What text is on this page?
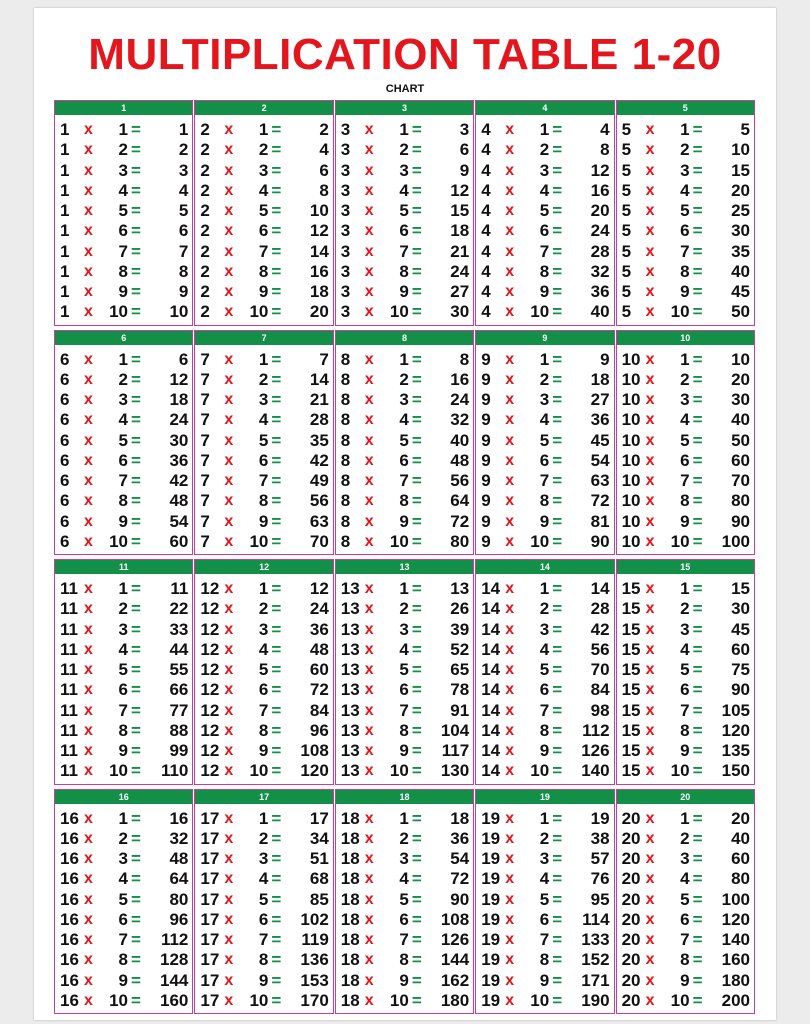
MULTIPLICATION TABLE 1-20
CHART
1
1 x	1 =	1
1 x	2 =	2
1 x	3 =	3
1 x	4 =	4
1 x	5 =	5
1 x	6 =	6
1 x	7 =	7
1 x	8 =	8
1 x	9 =	9
1 x 10 =	10
2
2 x	1 =	2
2 x	2 =	4
2 x	3 =	6
2 x	4 =	8
2 x	5 =	10
2 x	6 =	12
2 x	7 =	14
2 x	8 =	16
2 x	9 =	18
2 x 10 =	20
3
3 x	1 =	3
3 x	2 =	6
3 x	3 =	9
3 x	4 =	12
3 x	5 =	15
3 x	6 =	18
3 x	7 =	21
3 x	8 =	24
3 x	9 =	27
3 x 10 =	30
4
4 x	1 =	4
4 x	2 =	8
4 x	3 =	12
4 x	4 =	16
4 x	5 =	20
4 x	6 =	24
4 x	7 =	28
4 x	8 =	32
4 x	9 =	36
4 x 10 =	40
5
5 x	1 =	5
5 x	2 =	10
5 x	3 =	15
5 x	4 =	20
5 x	5 =	25
5 x	6 =	30
5 x	7 =	35
5 x	8 =	40
5 x	9 =	45
5 x 10 =	50
6
6 x	1 =	6
6 x	2 =	12
6 x	3 =	18
6 x	4 =	24
6 x	5 =	30
6 x	6 =	36
6 x	7 =	42
6 x	8 =	48
6 x	9 =	54
6 x 10 =	60
7
7 x	1 =	7
7 x	2 =	14
7 x	3 =	21
7 x	4 =	28
7 x	5 =	35
7 x	6 =	42
7 x	7 =	49
7 x	8 =	56
7 x	9 =	63
7 x 10 =	70
8
8 x	1 =	8
8 x	2 =	16
8 x	3 =	24
8 x	4 =	32
8 x	5 =	40
8 x	6 =	48
8 x	7 =	56
8 x	8 =	64
8 x	9 =	72
8 x 10 =	80
9
9 x	1 =	9
9 x	2 =	18
9 x	3 =	27
9 x	4 =	36
9 x	5 =	45
9 x	6 =	54
9 x	7 =	63
9 x	8 =	72
9 x	9 =	81
9 x 10 =	90
10
10 x	1 =	10
10 x	2 =	20
10 x	3 =	30
10 x	4 =	40
10 x	5 =	50
10 x	6 =	60
10 x	7 =	70
10 x	8 =	80
10 x	9 =	90
10 x 10 =	100
11
11 x	1 =	11
11 x	2 =	22
11 x	3 =	33
11 x	4 =	44
11 x	5 =	55
11 x	6 =	66
11 x	7 =	77
11 x	8 =	88
11 x	9 =	99
11 x 10 =	110
12
12 x	1 =	12
12 x	2 =	24
12 x	3 =	36
12 x	4 =	48
12 x	5 =	60
12 x	6 =	72
12 x	7 =	84
12 x	8 =	96
12 x	9 =	108
12 x 10 =	120
13
13 x	1 =	13
13 x	2 =	26
13 x	3 =	39
13 x	4 =	52
13 x	5 =	65
13 x	6 =	78
13 x	7 =	91
13 x	8 =	104
13 x	9 =	117
13 x 10 =	130
14
14 x	1 =	14
14 x	2 =	28
14 x	3 =	42
14 x	4 =	56
14 x	5 =	70
14 x	6 =	84
14 x	7 =	98
14 x	8 =	112
14 x	9 =	126
14 x 10 =	140
15
15 x	1 =	15
15 x	2 =	30
15 x	3 =	45
15 x	4 =	60
15 x	5 =	75
15 x	6 =	90
15 x	7 =	105
15 x	8 =	120
15 x	9 =	135
15 x 10 =	150
16
16 x	1 =	16
16 x	2 =	32
16 x	3 =	48
16 x	4 =	64
16 x	5 =	80
16 x	6 =	96
16 x	7 =	112
16 x	8 =	128
16 x	9 =	144
16 x 10 =	160
17
17 x	1 =	17
17 x	2 =	34
17 x	3 =	51
17 x	4 =	68
17 x	5 =	85
17 x	6 =	102
17 x	7 =	119
17 x	8 =	136
17 x	9 =	153
17 x 10 =	170
18
18 x	1 =	18
18 x	2 =	36
18 x	3 =	54
18 x	4 =	72
18 x	5 =	90
18 x	6 =	108
18 x	7 =	126
18 x	8 =	144
18 x	9 =	162
18 x 10 =	180
19
19 x	1 =	19
19 x	2 =	38
19 x	3 =	57
19 x	4 =	76
19 x	5 =	95
19 x	6 =	114
19 x	7 =	133
19 x	8 =	152
19 x	9 =	171
19 x 10 =	190
20
20 x	1 =	20
20 x	2 =	40
20 x	3 =	60
20 x	4 =	80
20 x	5 =	100
20 x	6 =	120
20 x	7 =	140
20 x	8 =	160
20 x	9 =	180
20 x 10 =	200
